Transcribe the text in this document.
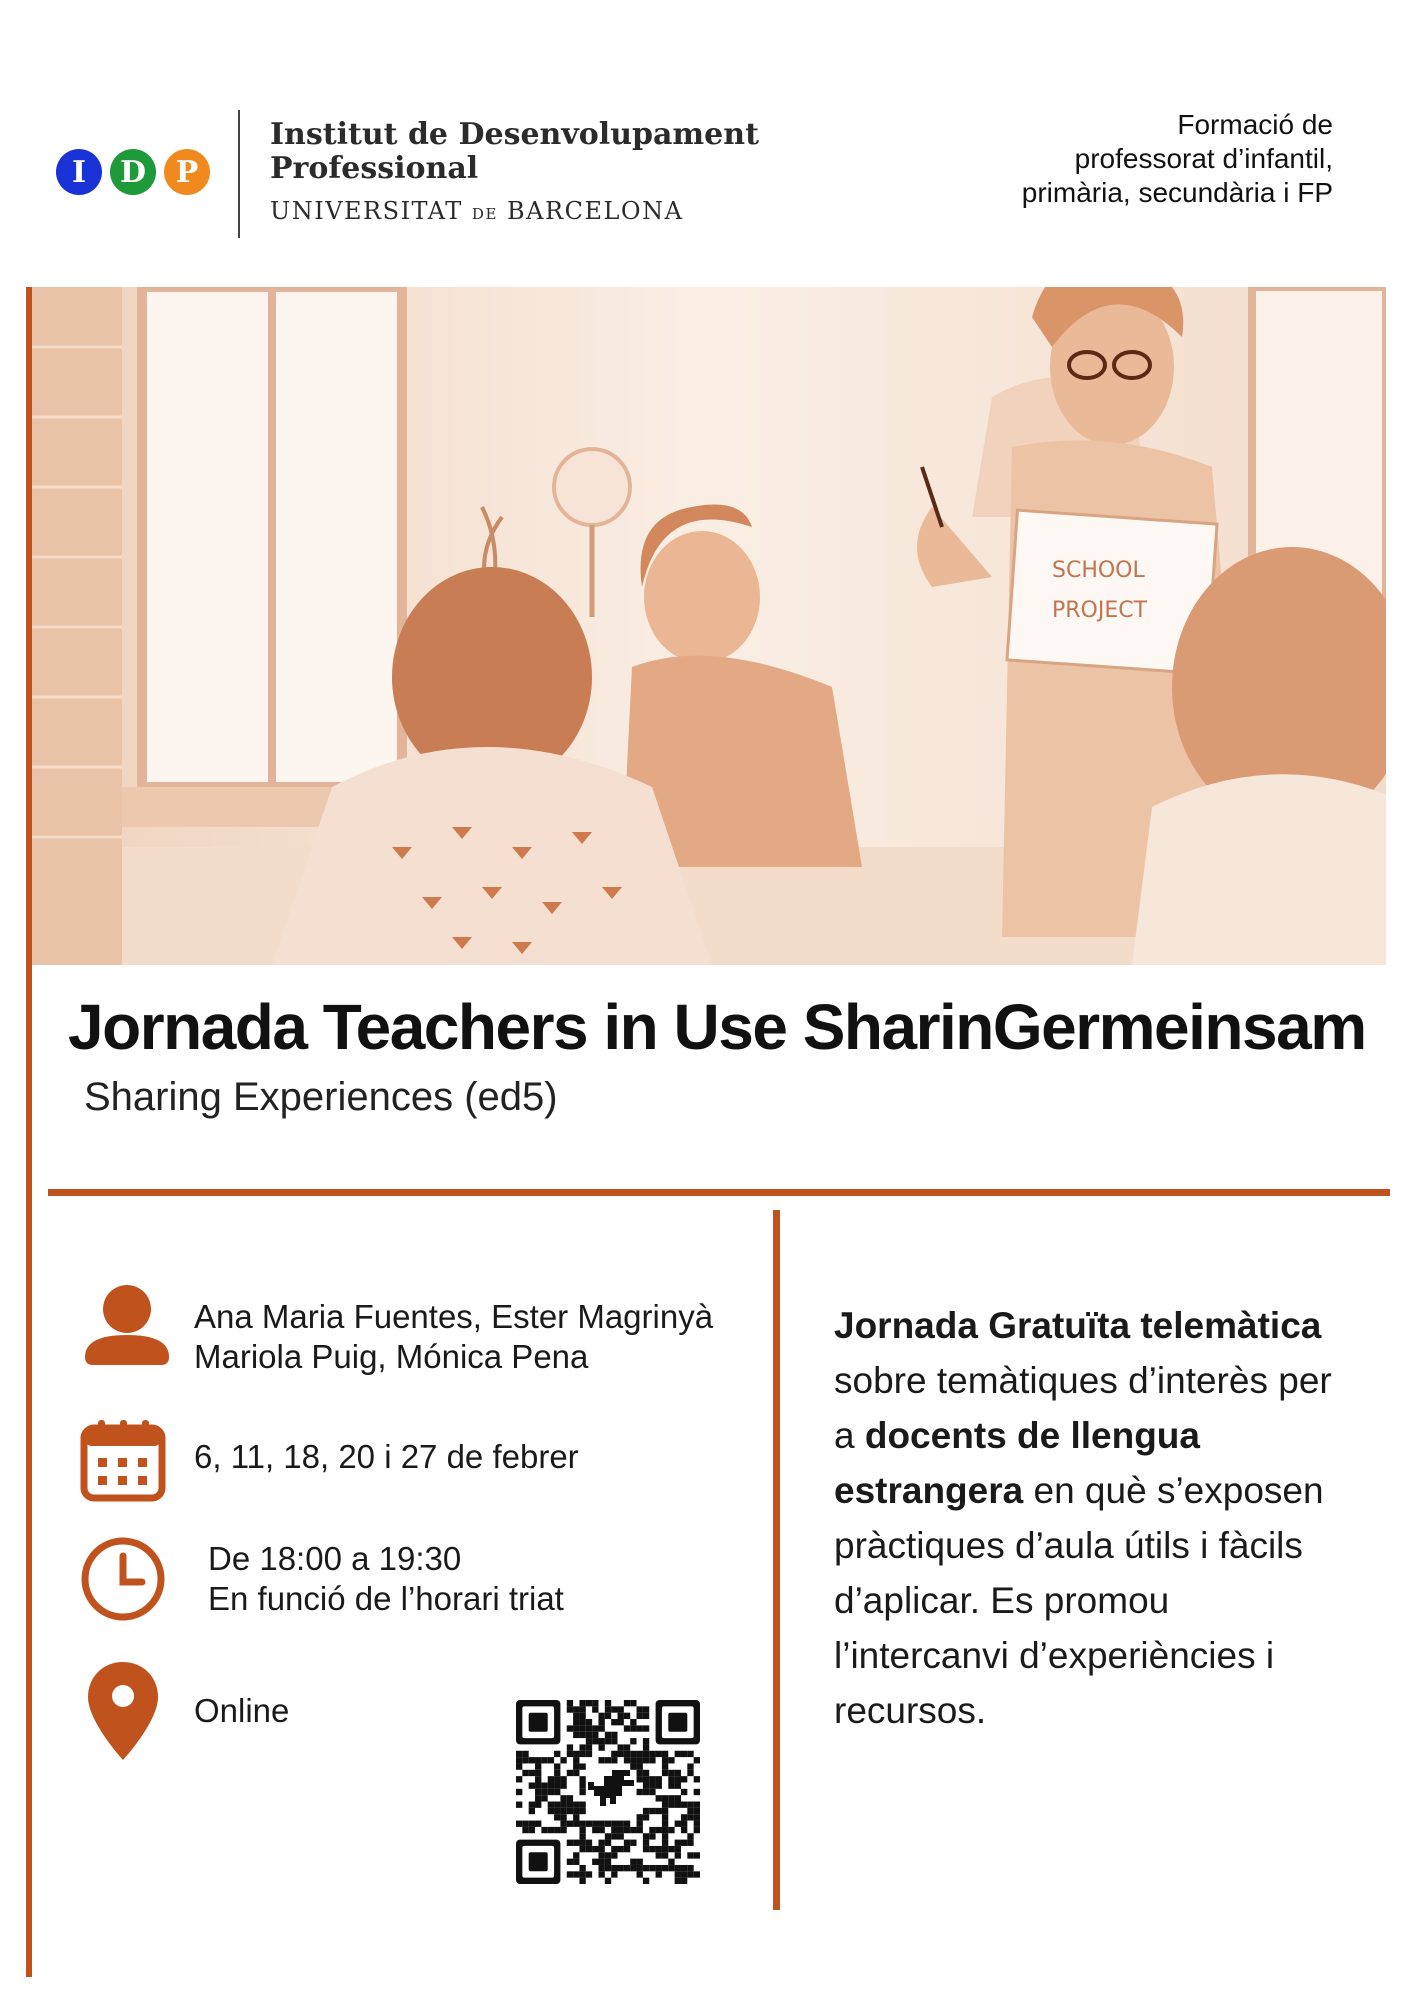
I	D P
Institut de Desenvolupament
Professional
UNIVERSITAT DE BARCELONA
Formació de
professorat d’infantil,
primària, secundària i FP
SCHOOL
PROJECT
Jornada Teachers in Use SharinGermeinsam
Sharing Experiences (ed5)
Ana Maria Fuentes, Ester Magrinyà
Mariola Puig, Mónica Pena
6, 11, 18, 20 i 27 de febrer
De 18:00 a 19:30
En funció de l’horari triat
Online
Jornada Gratuïta telemàtica sobre temàtiques d’interès per a docents de llengua estrangera en què s’exposen pràctiques d’aula útils i fàcils d’aplicar. Es promou l’intercanvi d’experiències i recursos.
